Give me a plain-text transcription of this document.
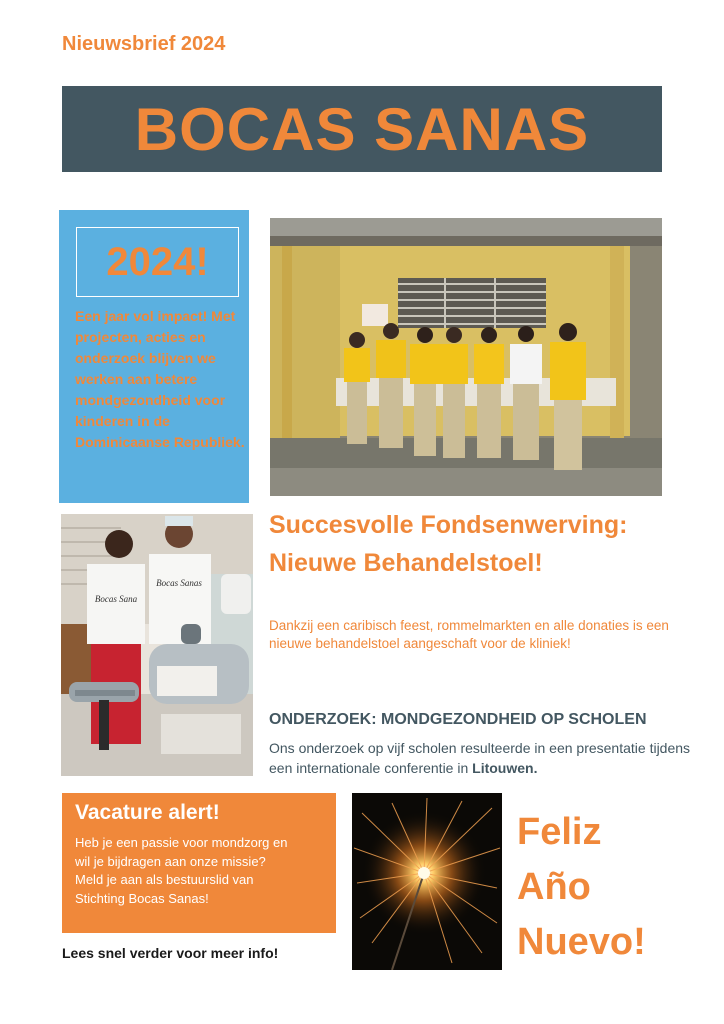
Nieuwsbrief 2024
BOCAS SANAS
2024!
Een jaar vol impact! Met projecten, acties en onderzoek blijven we werken aan betere mondgezondheid voor kinderen in de Dominicaanse Republiek.
Bocas Sana
Bocas Sanas
Succesvolle Fondsenwerving: Nieuwe Behandelstoel!
Dankzij een caribisch feest, rommelmarkten en alle donaties is een nieuwe behandelstoel aangeschaft voor de kliniek!
ONDERZOEK: MONDGEZONDHEID OP SCHOLEN
Ons onderzoek op vijf scholen resulteerde in een presentatie tijdens een internationale conferentie in Litouwen.
Vacature alert!
Heb je een passie voor mondzorg en wil je bijdragen aan onze missie? Meld je aan als bestuurslid van Stichting Bocas Sanas!
Lees snel verder voor meer info!
Feliz
Año
Nuevo!
